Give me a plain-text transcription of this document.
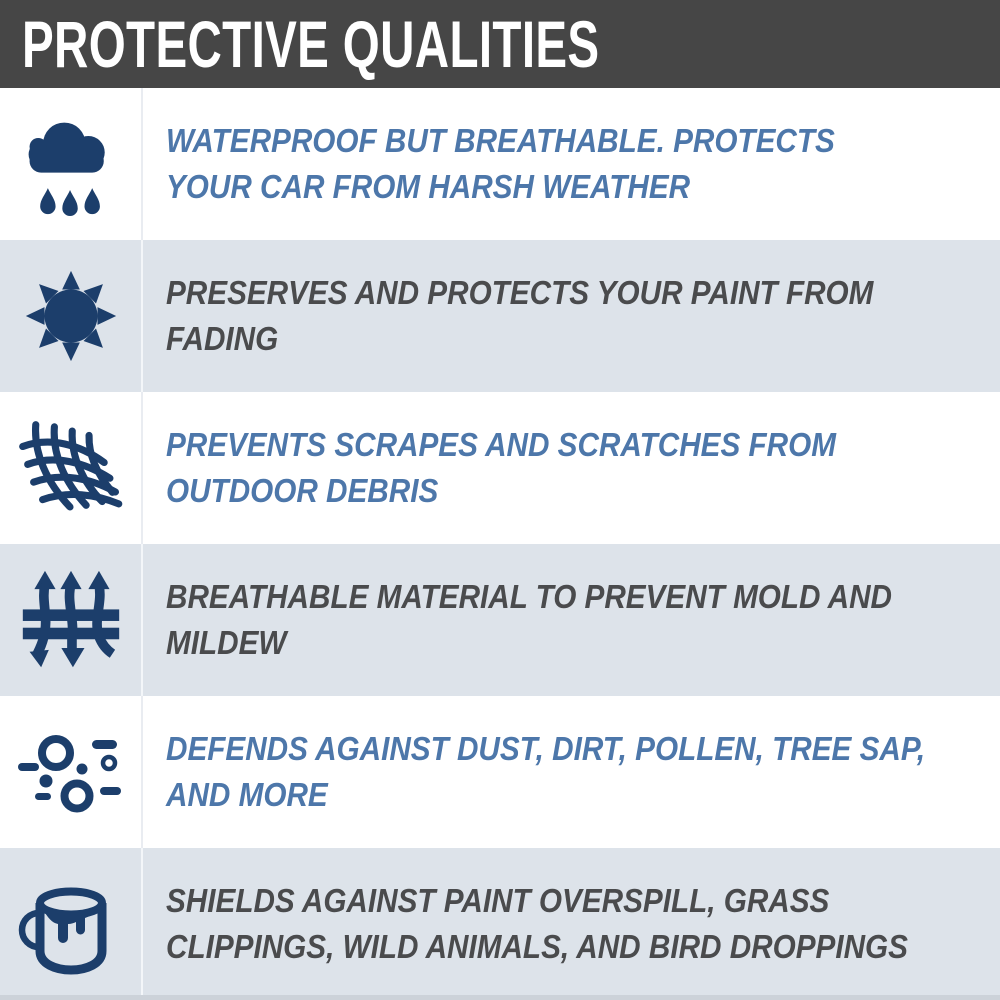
PROTECTIVE QUALITIES

WATERPROOF BUT BREATHABLE. PROTECTS

YOUR CAR FROM HARSH WEATHER

PRESERVES AND PROTECTS YOUR PAINT FROM

FADING

PREVENTS SCRAPES AND SCRATCHES FROM

OUTDOOR DEBRIS

BREATHABLE MATERIAL TO PREVENT MOLD AND

MILDEW

DEFENDS AGAINST DUST, DIRT, POLLEN, TREE SAP,

AND MORE

SHIELDS AGAINST PAINT OVERSPILL, GRASS

CLIPPINGS, WILD ANIMALS, AND BIRD DROPPINGS
